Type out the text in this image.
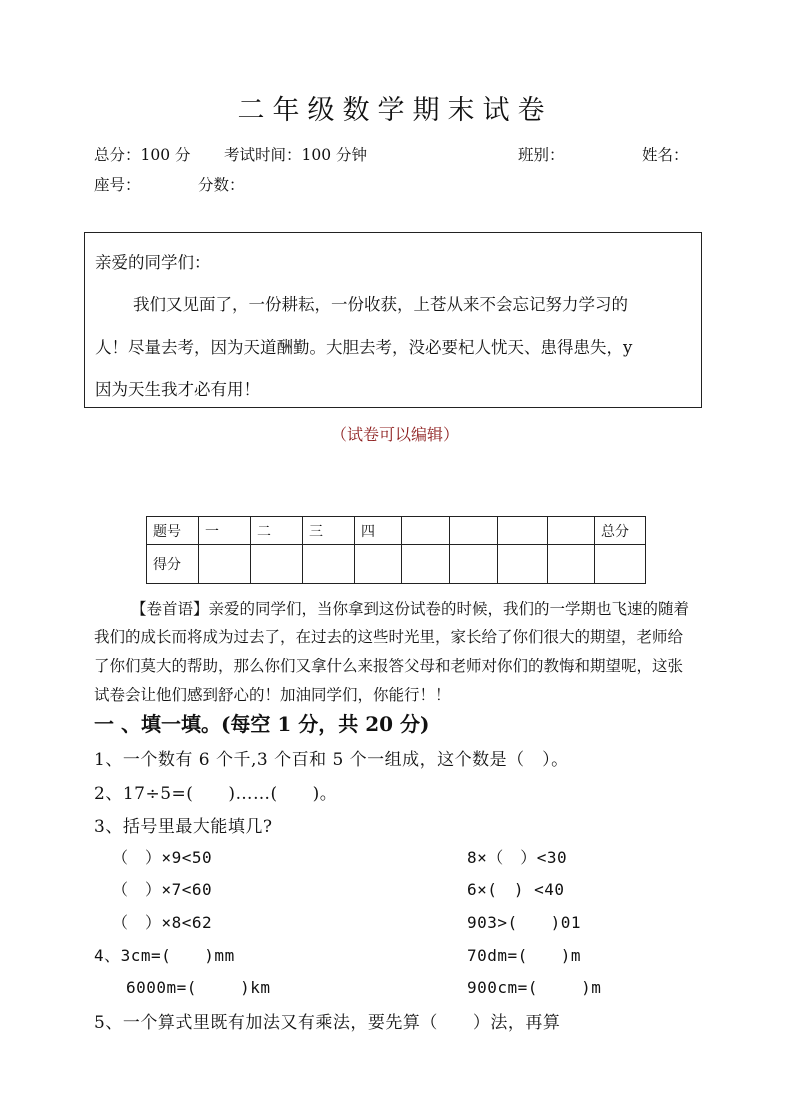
二年级数学期末试卷
总分：100 分 考试时间：100 分钟	班别：	姓名：
座号：	分数：
亲爱的同学们：
我们又见面了，一份耕耘，一份收获，上苍从来不会忘记努力学习的
人！尽量去考，因为天道酬勤。大胆去考，没必要杞人忧天、患得患失，y
因为天生我才必有用！
（试卷可以编辑）
题号	一	二	三	四					总分
得分									
【卷首语】亲爱的同学们，当你拿到这份试卷的时候，我们的一学期也飞速的随着
我们的成长而将成为过去了，在过去的这些时光里，家长给了你们很大的期望，老师给
了你们莫大的帮助，那么你们又拿什么来报答父母和老师对你们的教悔和期望呢，这张
试卷会让他们感到舒心的！加油同学们，你能行！！
一 、填一填。(每空 1 分，共 20 分)
1、一个数有 6 个千,3 个百和 5 个一组成，这个数是（　）。
2、17÷5=(　　)……(　　)。
3、括号里最大能填几?
（　）×9<50	8×（　）<30
（　）×7<60	6×(　) <40
（　）×8<62	903>(　　)01
4、3cm=(　　)mm	70dm=(　　)m
6000m=(　　 )km	900cm=(　　 )m
5、一个算式里既有加法又有乘法，要先算（　　）法，再算
